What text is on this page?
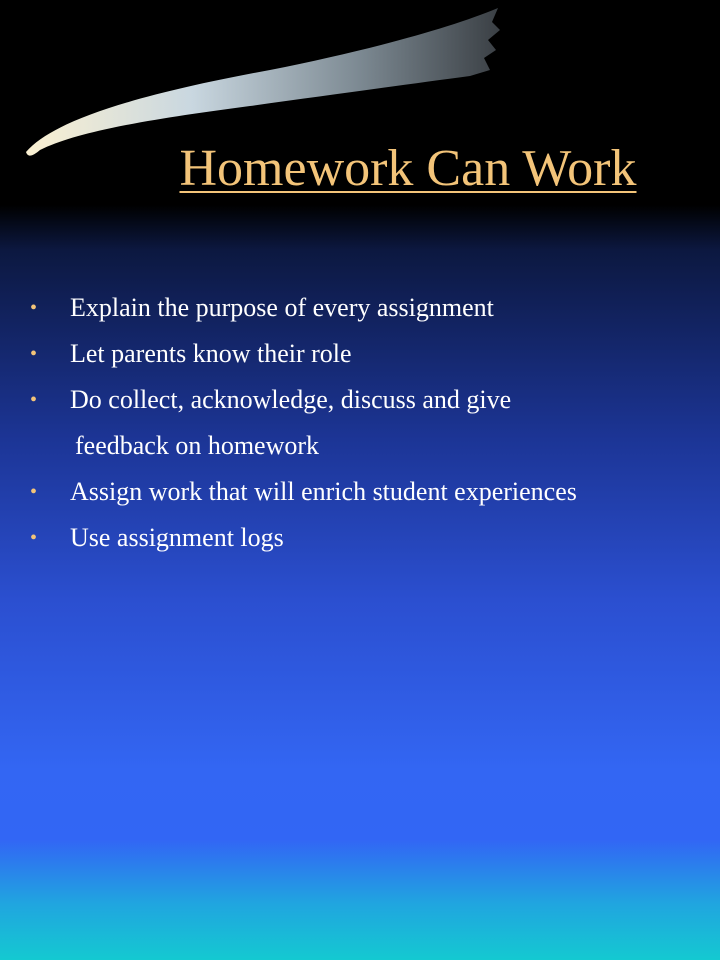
Homework Can Work
• Explain the purpose of every assignment
• Let parents know their role
• Do collect, acknowledge, discuss and give
feedback on homework
• Assign work that will enrich student experiences
• Use assignment logs
